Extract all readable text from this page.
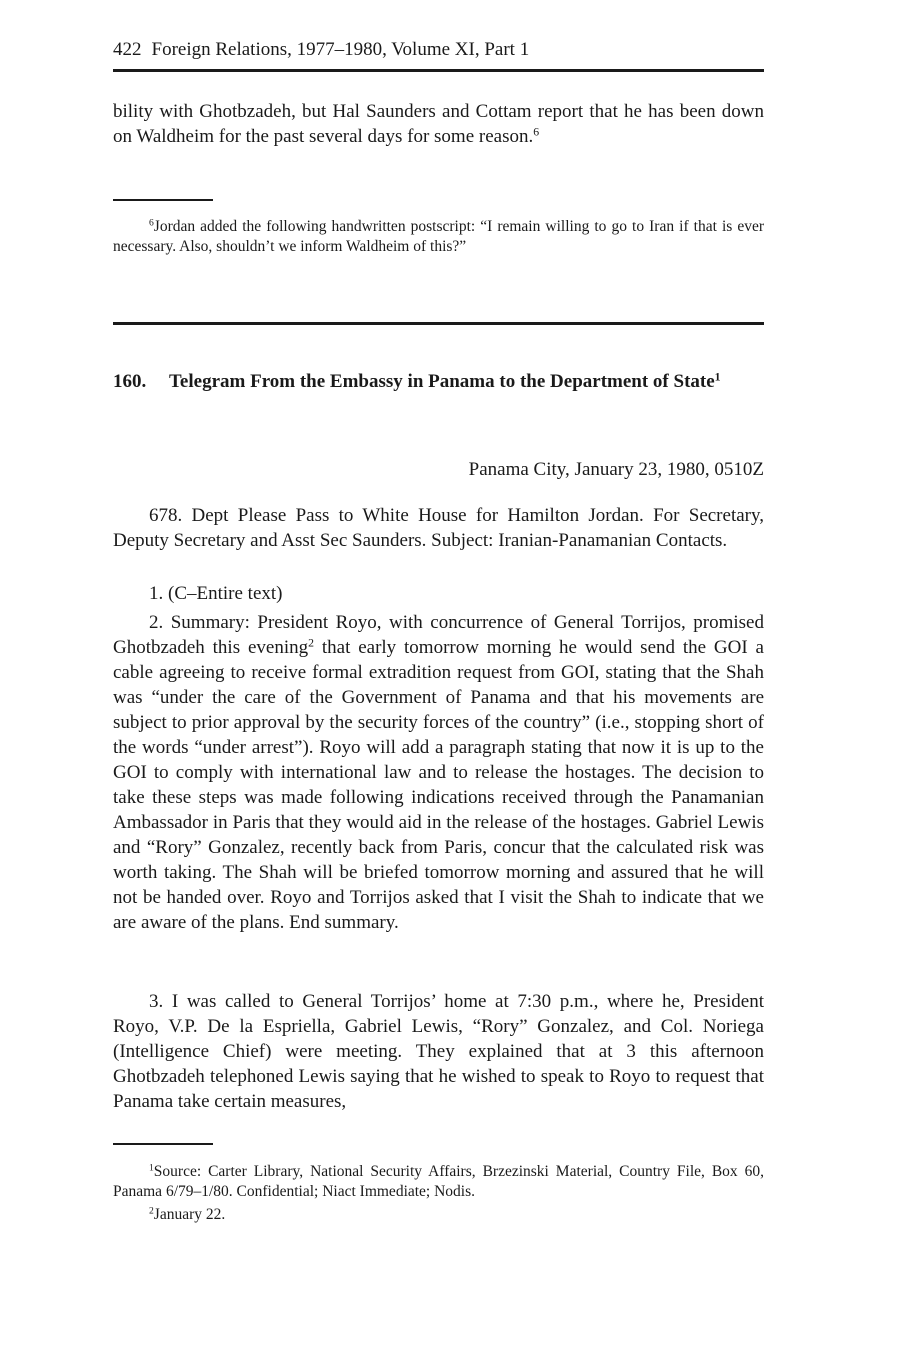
422 Foreign Relations, 1977–1980, Volume XI, Part 1

bility with Ghotbzadeh, but Hal Saunders and Cottam report that he has been down on Waldheim for the past several days for some reason.$^6$

$^6$Jordan added the following handwritten postscript: “I remain willing to go to Iran if that is ever necessary. Also, shouldn’t we inform Waldheim of this?”

160. Telegram From the Embassy in Panama to the Department of State$^1$
Panama City, January 23, 1980, 0510Z

678. Dept Please Pass to White House for Hamilton Jordan. For Secretary, Deputy Secretary and Asst Sec Saunders. Subject: Iranian-Panamanian Contacts.

1. (C–Entire text)

2. Summary: President Royo, with concurrence of General Torrijos, promised Ghotbzadeh this evening$^2$ that early tomorrow morning he would send the GOI a cable agreeing to receive formal extradition request from GOI, stating that the Shah was “under the care of the Government of Panama and that his movements are subject to prior approval by the security forces of the country” (i.e., stopping short of the words “under arrest”). Royo will add a paragraph stating that now it is up to the GOI to comply with international law and to release the hostages. The decision to take these steps was made following indications received through the Panamanian Ambassador in Paris that they would aid in the release of the hostages. Gabriel Lewis and “Rory” Gonzalez, recently back from Paris, concur that the calculated risk was worth taking. The Shah will be briefed tomorrow morning and assured that he will not be handed over. Royo and Torrijos asked that I visit the Shah to indicate that we are aware of the plans. End summary.

3. I was called to General Torrijos’ home at 7:30 p.m., where he, President Royo, V.P. De la Espriella, Gabriel Lewis, “Rory” Gonzalez, and Col. Noriega (Intelligence Chief) were meeting. They explained that at 3 this afternoon Ghotbzadeh telephoned Lewis saying that he wished to speak to Royo to request that Panama take certain measures,

$^1$Source: Carter Library, National Security Affairs, Brzezinski Material, Country File, Box 60, Panama 6/79–1/80. Confidential; Niact Immediate; Nodis.

$^2$January 22.
